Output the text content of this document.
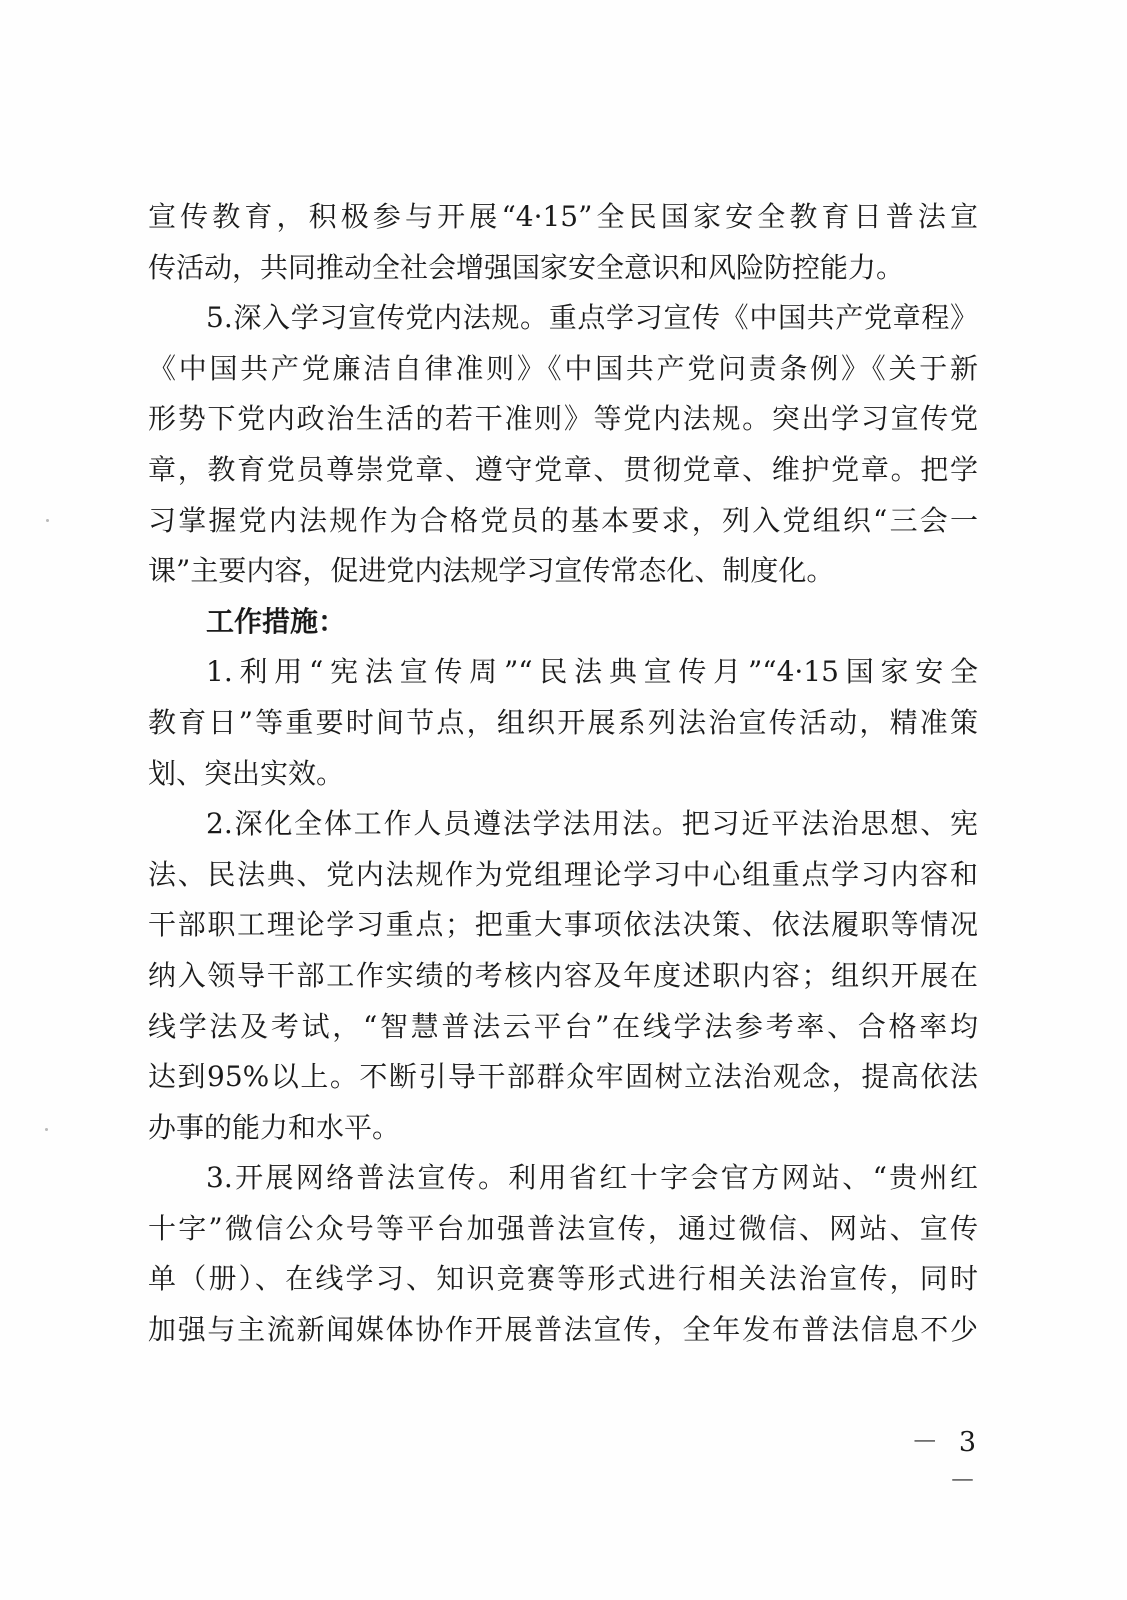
宣传教育，积极参与开展“4·15”全民国家安全教育日普法宣
传活动，共同推动全社会增强国家安全意识和风险防控能力。
5.深入学习宣传党内法规。重点学习宣传《中国共产党章程》
《中国共产党廉洁自律准则》《中国共产党问责条例》《关于新
形势下党内政治生活的若干准则》等党内法规。突出学习宣传党
章，教育党员尊崇党章、遵守党章、贯彻党章、维护党章。把学
习掌握党内法规作为合格党员的基本要求，列入党组织“三会一
课”主要内容，促进党内法规学习宣传常态化、制度化。
工作措施：
1.利用“宪法宣传周”“民法典宣传月”“4·15国家安全
教育日”等重要时间节点，组织开展系列法治宣传活动，精准策
划、突出实效。
2.深化全体工作人员遵法学法用法。把习近平法治思想、宪
法、民法典、党内法规作为党组理论学习中心组重点学习内容和
干部职工理论学习重点；把重大事项依法决策、依法履职等情况
纳入领导干部工作实绩的考核内容及年度述职内容；组织开展在
线学法及考试，“智慧普法云平台”在线学法参考率、合格率均
达到95%以上。不断引导干部群众牢固树立法治观念，提高依法
办事的能力和水平。
3.开展网络普法宣传。利用省红十字会官方网站、“贵州红
十字”微信公众号等平台加强普法宣传，通过微信、网站、宣传
单（册）、在线学习、知识竞赛等形式进行相关法治宣传，同时
加强与主流新闻媒体协作开展普法宣传，全年发布普法信息不少
－ 3 －
